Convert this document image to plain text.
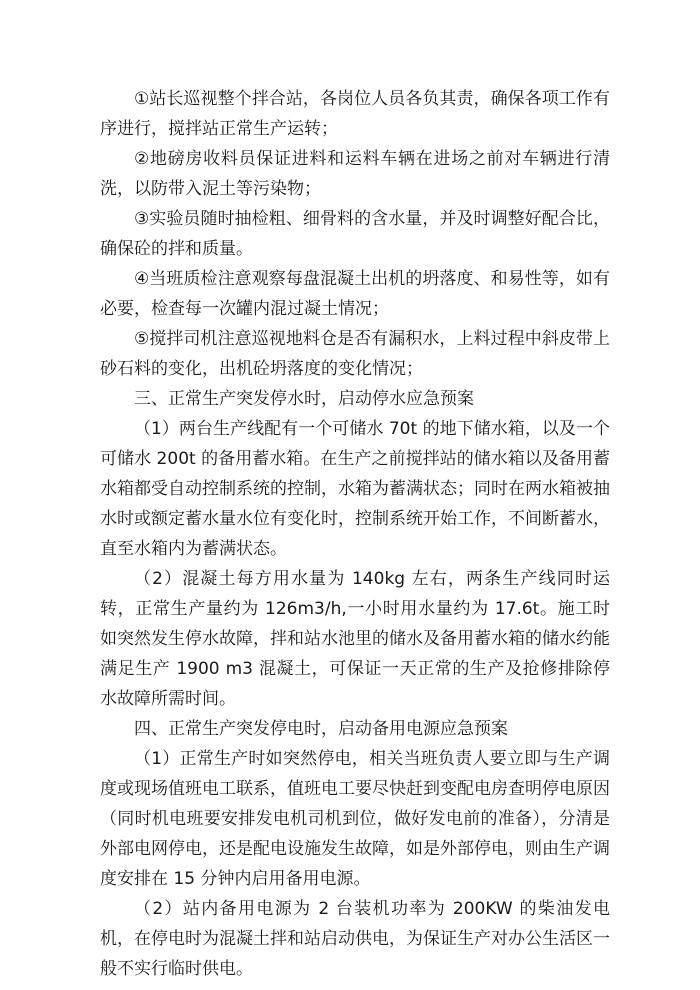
①站长巡视整个拌合站，各岗位人员各负其责，确保各项工作有序进行，搅拌站正常生产运转；

②地磅房收料员保证进料和运料车辆在进场之前对车辆进行清洗，以防带入泥土等污染物；

③实验员随时抽检粗、细骨料的含水量，并及时调整好配合比，确保砼的拌和质量。

④当班质检注意观察每盘混凝土出机的坍落度、和易性等，如有必要，检查每一次罐内混过凝土情况；

⑤搅拌司机注意巡视地料仓是否有漏积水，上料过程中斜皮带上砂石料的变化，出机砼坍落度的变化情况；

三、正常生产突发停水时，启动停水应急预案

（1）两台生产线配有一个可储水 70t 的地下储水箱，以及一个可储水 200t 的备用蓄水箱。在生产之前搅拌站的储水箱以及备用蓄水箱都受自动控制系统的控制，水箱为蓄满状态；同时在两水箱被抽水时或额定蓄水量水位有变化时，控制系统开始工作，不间断蓄水，直至水箱内为蓄满状态。

（2）混凝土每方用水量为 140kg 左右，两条生产线同时运转，正常生产量约为 126m3/h,一小时用水量约为 17.6t。施工时如突然发生停水故障，拌和站水池里的储水及备用蓄水箱的储水约能满足生产 1900 m3 混凝土，可保证一天正常的生产及抢修排除停水故障所需时间。

四、正常生产突发停电时，启动备用电源应急预案

（1）正常生产时如突然停电，相关当班负责人要立即与生产调度或现场值班电工联系，值班电工要尽快赶到变配电房查明停电原因（同时机电班要安排发电机司机到位，做好发电前的准备），分清是外部电网停电，还是配电设施发生故障，如是外部停电，则由生产调度安排在 15 分钟内启用备用电源。

（2）站内备用电源为 2 台装机功率为 200KW 的柴油发电机，在停电时为混凝土拌和站启动供电，为保证生产对办公生活区一般不实行临时供电。
